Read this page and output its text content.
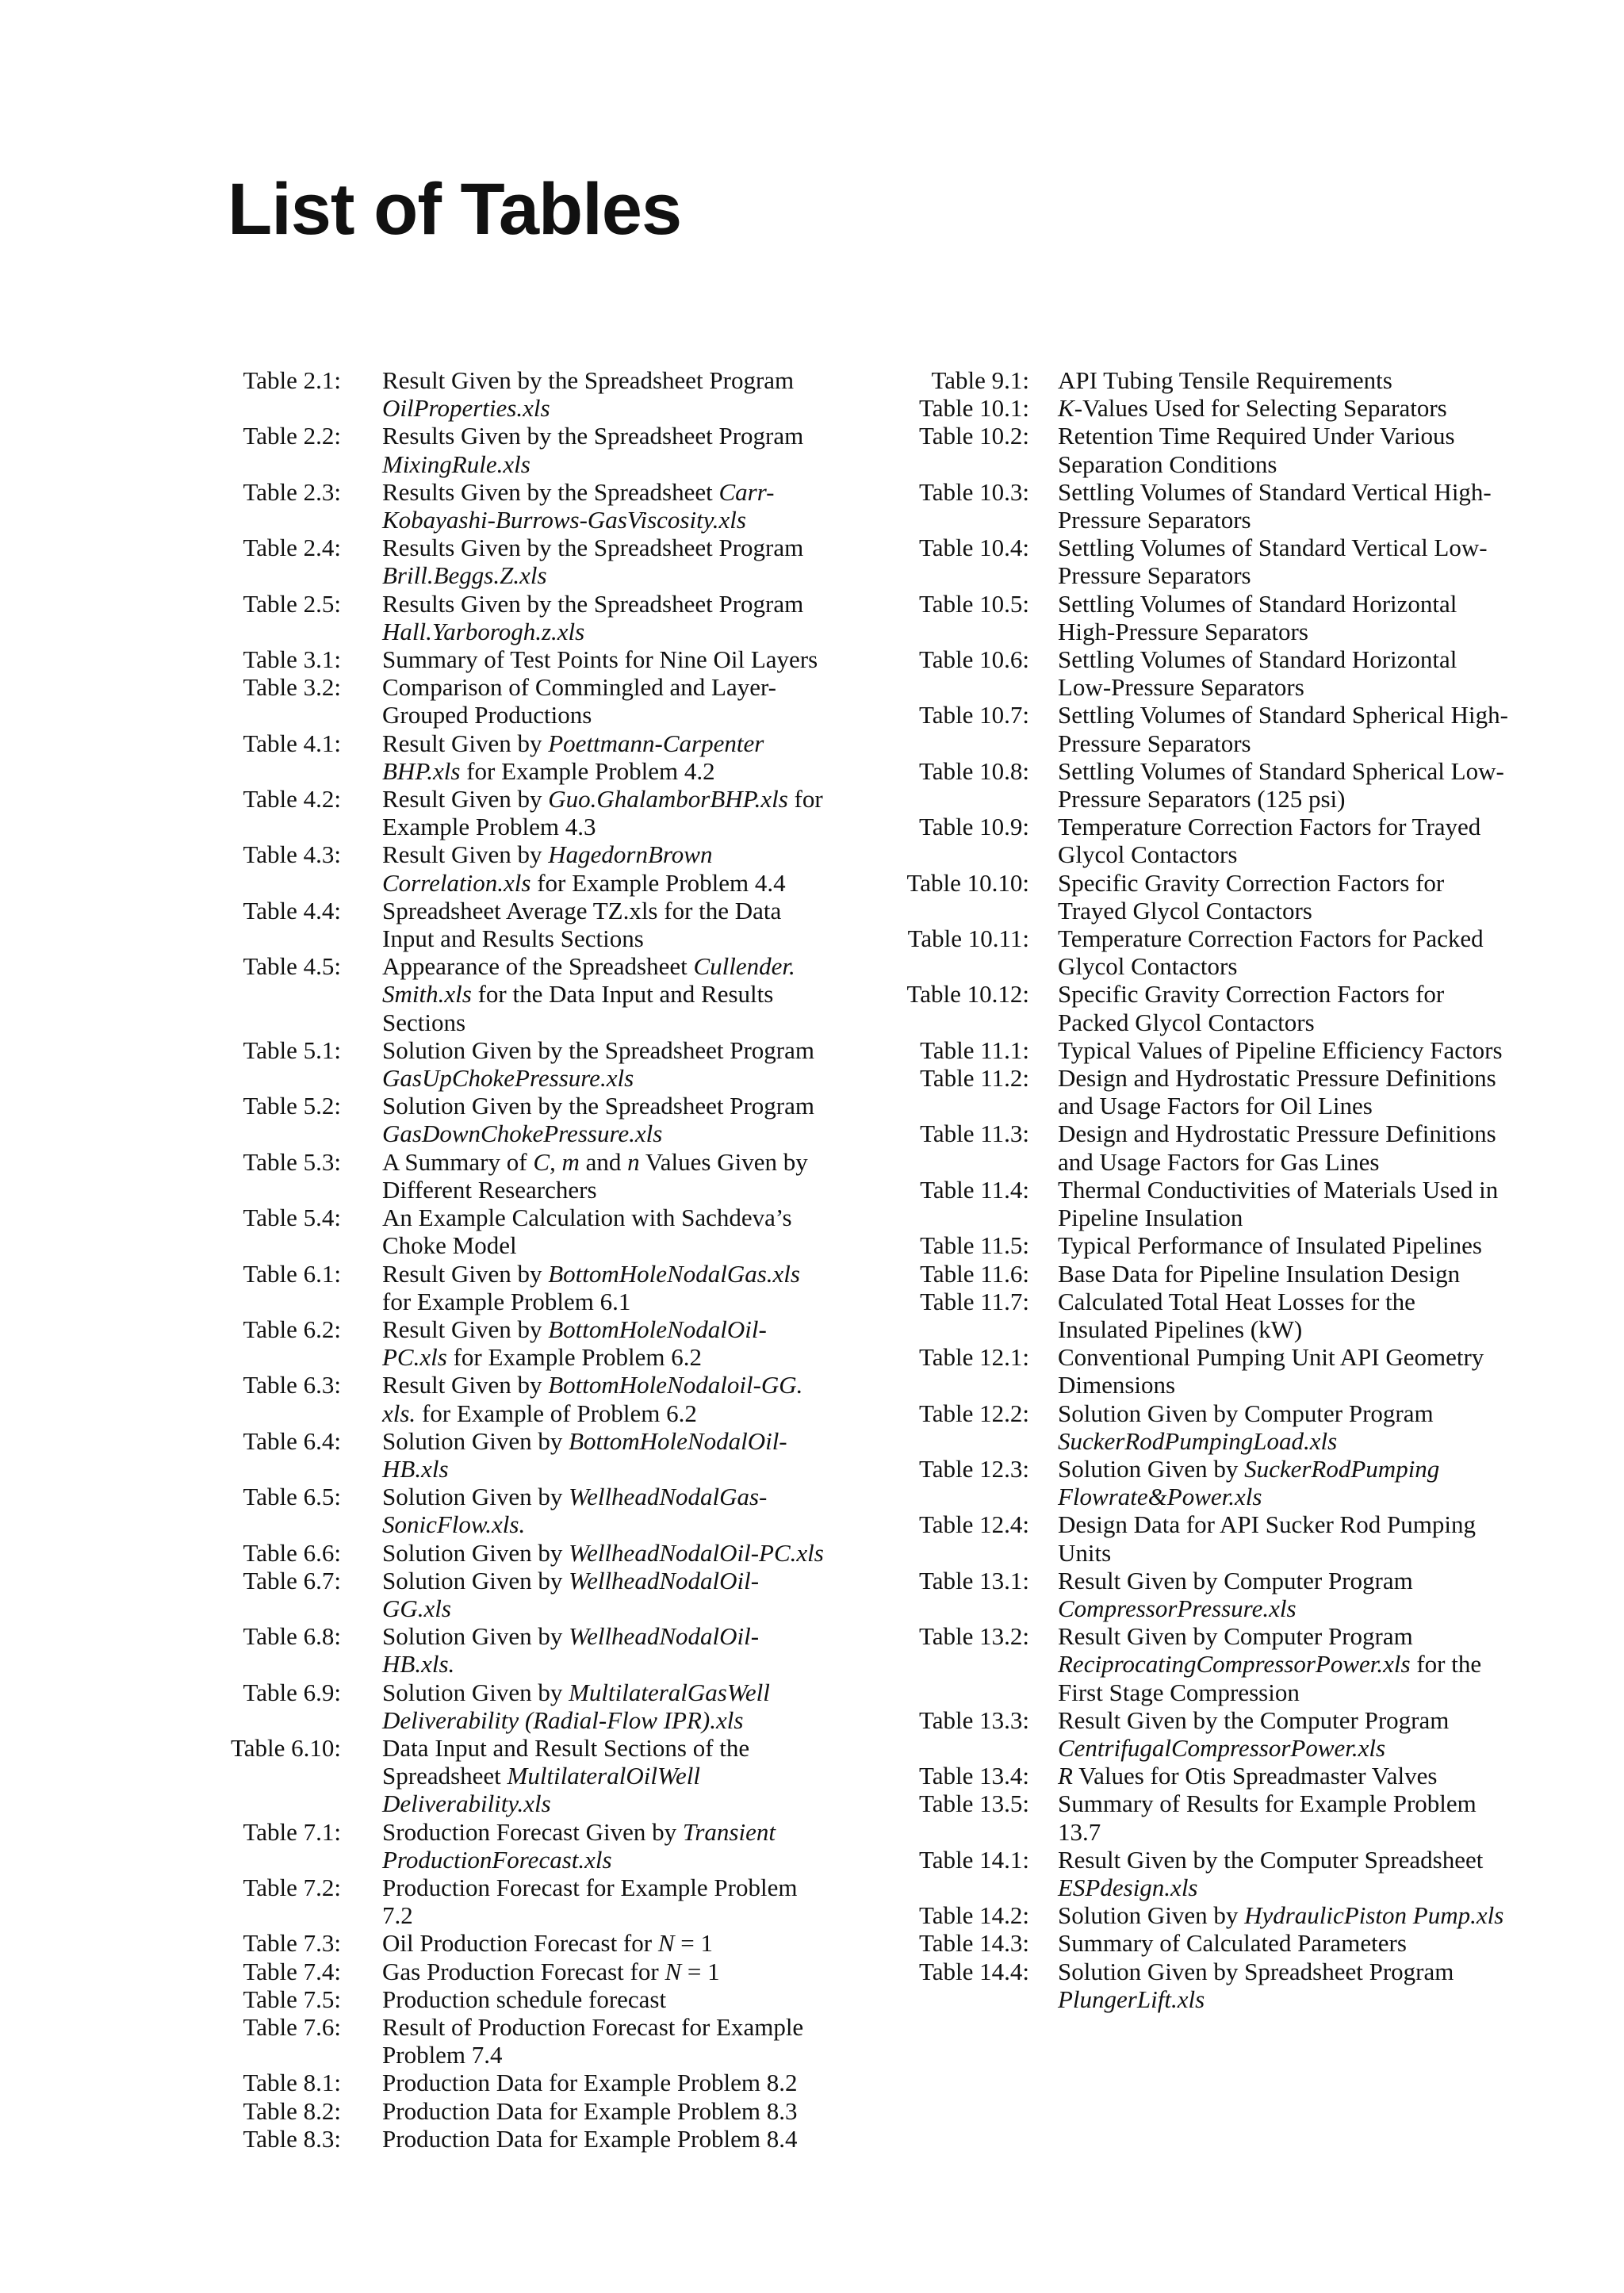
List of Tables
Table 2.1: Result Given by the Spreadsheet Program OilProperties.xls
Table 2.2: Results Given by the Spreadsheet Program MixingRule.xls
Table 2.3: Results Given by the Spreadsheet Carr-Kobayashi-Burrows-GasViscosity.xls
Table 2.4: Results Given by the Spreadsheet Program Brill.Beggs.Z.xls
Table 2.5: Results Given by the Spreadsheet Program Hall.Yarborogh.z.xls
Table 3.1: Summary of Test Points for Nine Oil Layers
Table 3.2: Comparison of Commingled and Layer-Grouped Productions
Table 4.1: Result Given by Poettmann-Carpenter BHP.xls for Example Problem 4.2
Table 4.2: Result Given by Guo.GhalamborBHP.xls for Example Problem 4.3
Table 4.3: Result Given by HagedornBrown Correlation.xls for Example Problem 4.4
Table 4.4: Spreadsheet Average TZ.xls for the Data Input and Results Sections
Table 4.5: Appearance of the Spreadsheet Cullender. Smith.xls for the Data Input and Results Sections
Table 5.1: Solution Given by the Spreadsheet Program GasUpChokePressure.xls
Table 5.2: Solution Given by the Spreadsheet Program GasDownChokePressure.xls
Table 5.3: A Summary of C, m and n Values Given by Different Researchers
Table 5.4: An Example Calculation with Sachdeva’s Choke Model
Table 6.1: Result Given by BottomHoleNodalGas.xls for Example Problem 6.1
Table 6.2: Result Given by BottomHoleNodalOil-PC.xls for Example Problem 6.2
Table 6.3: Result Given by BottomHoleNodaloil-GG. xls. for Example of Problem 6.2
Table 6.4: Solution Given by BottomHoleNodalOil-HB.xls
Table 6.5: Solution Given by WellheadNodalGas-SonicFlow.xls.
Table 6.6: Solution Given by WellheadNodalOil-PC.xls
Table 6.7: Solution Given by WellheadNodalOil-GG.xls
Table 6.8: Solution Given by WellheadNodalOil-HB.xls.
Table 6.9: Solution Given by MultilateralGasWell Deliverability (Radial-Flow IPR).xls
Table 6.10: Data Input and Result Sections of the Spreadsheet MultilateralOilWell Deliverability.xls
Table 7.1: Sroduction Forecast Given by Transient ProductionForecast.xls
Table 7.2: Production Forecast for Example Problem 7.2
Table 7.3: Oil Production Forecast for N = 1
Table 7.4: Gas Production Forecast for N = 1
Table 7.5: Production schedule forecast
Table 7.6: Result of Production Forecast for Example Problem 7.4
Table 8.1: Production Data for Example Problem 8.2
Table 8.2: Production Data for Example Problem 8.3
Table 8.3: Production Data for Example Problem 8.4
Table 9.1: API Tubing Tensile Requirements
Table 10.1: K-Values Used for Selecting Separators
Table 10.2: Retention Time Required Under Various Separation Conditions
Table 10.3: Settling Volumes of Standard Vertical High-Pressure Separators
Table 10.4: Settling Volumes of Standard Vertical Low-Pressure Separators
Table 10.5: Settling Volumes of Standard Horizontal High-Pressure Separators
Table 10.6: Settling Volumes of Standard Horizontal Low-Pressure Separators
Table 10.7: Settling Volumes of Standard Spherical High-Pressure Separators
Table 10.8: Settling Volumes of Standard Spherical Low-Pressure Separators (125 psi)
Table 10.9: Temperature Correction Factors for Trayed Glycol Contactors
Table 10.10: Specific Gravity Correction Factors for Trayed Glycol Contactors
Table 10.11: Temperature Correction Factors for Packed Glycol Contactors
Table 10.12: Specific Gravity Correction Factors for Packed Glycol Contactors
Table 11.1: Typical Values of Pipeline Efficiency Factors
Table 11.2: Design and Hydrostatic Pressure Definitions and Usage Factors for Oil Lines
Table 11.3: Design and Hydrostatic Pressure Definitions and Usage Factors for Gas Lines
Table 11.4: Thermal Conductivities of Materials Used in Pipeline Insulation
Table 11.5: Typical Performance of Insulated Pipelines
Table 11.6: Base Data for Pipeline Insulation Design
Table 11.7: Calculated Total Heat Losses for the Insulated Pipelines (kW)
Table 12.1: Conventional Pumping Unit API Geometry Dimensions
Table 12.2: Solution Given by Computer Program SuckerRodPumpingLoad.xls
Table 12.3: Solution Given by SuckerRodPumping Flowrate&Power.xls
Table 12.4: Design Data for API Sucker Rod Pumping Units
Table 13.1: Result Given by Computer Program CompressorPressure.xls
Table 13.2: Result Given by Computer Program ReciprocatingCompressorPower.xls for the First Stage Compression
Table 13.3: Result Given by the Computer Program CentrifugalCompressorPower.xls
Table 13.4: R Values for Otis Spreadmaster Valves
Table 13.5: Summary of Results for Example Problem 13.7
Table 14.1: Result Given by the Computer Spreadsheet ESPdesign.xls
Table 14.2: Solution Given by HydraulicPiston Pump.xls
Table 14.3: Summary of Calculated Parameters
Table 14.4: Solution Given by Spreadsheet Program PlungerLift.xls
